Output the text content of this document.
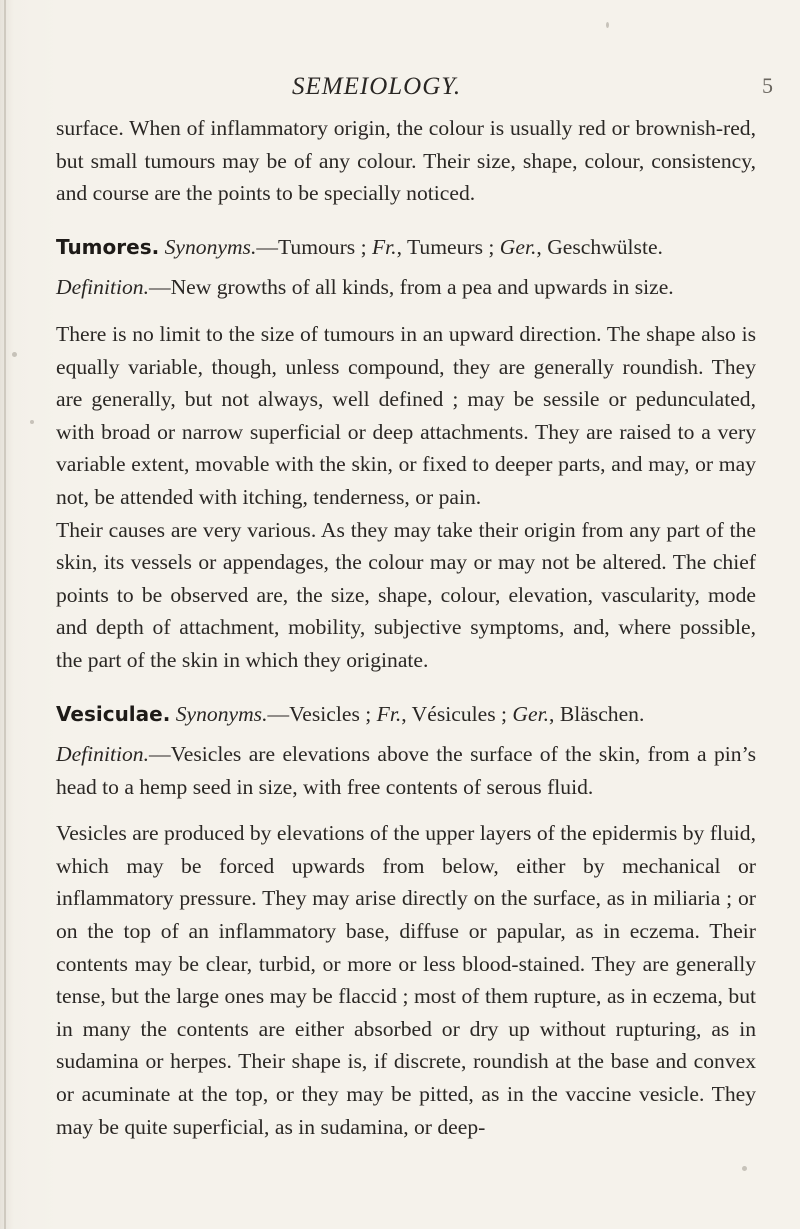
SEMEIOLOGY.	5

surface. When of inflammatory origin, the colour is usually red or brownish-red, but small tumours may be of any colour. Their size, shape, colour, consistency, and course are the points to be specially noticed.

Tumores. Synonyms.—Tumours ; Fr., Tumeurs ; Ger., Geschwülste.

Definition.—New growths of all kinds, from a pea and upwards in size.

There is no limit to the size of tumours in an upward direction. The shape also is equally variable, though, unless compound, they are generally roundish. They are generally, but not always, well defined ; may be sessile or pedunculated, with broad or narrow superficial or deep attachments. They are raised to a very variable extent, movable with the skin, or fixed to deeper parts, and may, or may not, be attended with itching, tenderness, or pain.

Their causes are very various. As they may take their origin from any part of the skin, its vessels or appendages, the colour may or may not be altered. The chief points to be observed are, the size, shape, colour, elevation, vascularity, mode and depth of attachment, mobility, subjective symptoms, and, where possible, the part of the skin in which they originate.

Vesiculae. Synonyms.—Vesicles ; Fr., Vésicules ; Ger., Bläschen.

Definition.—Vesicles are elevations above the surface of the skin, from a pin’s head to a hemp seed in size, with free contents of serous fluid.

Vesicles are produced by elevations of the upper layers of the epidermis by fluid, which may be forced upwards from below, either by mechanical or inflammatory pressure. They may arise directly on the surface, as in miliaria ; or on the top of an inflammatory base, diffuse or papular, as in eczema. Their contents may be clear, turbid, or more or less blood-stained. They are generally tense, but the large ones may be flaccid ; most of them rupture, as in eczema, but in many the contents are either absorbed or dry up without rupturing, as in sudamina or herpes. Their shape is, if discrete, roundish at the base and convex or acuminate at the top, or they may be pitted, as in the vaccine vesicle. They may be quite superficial, as in sudamina, or deep-
